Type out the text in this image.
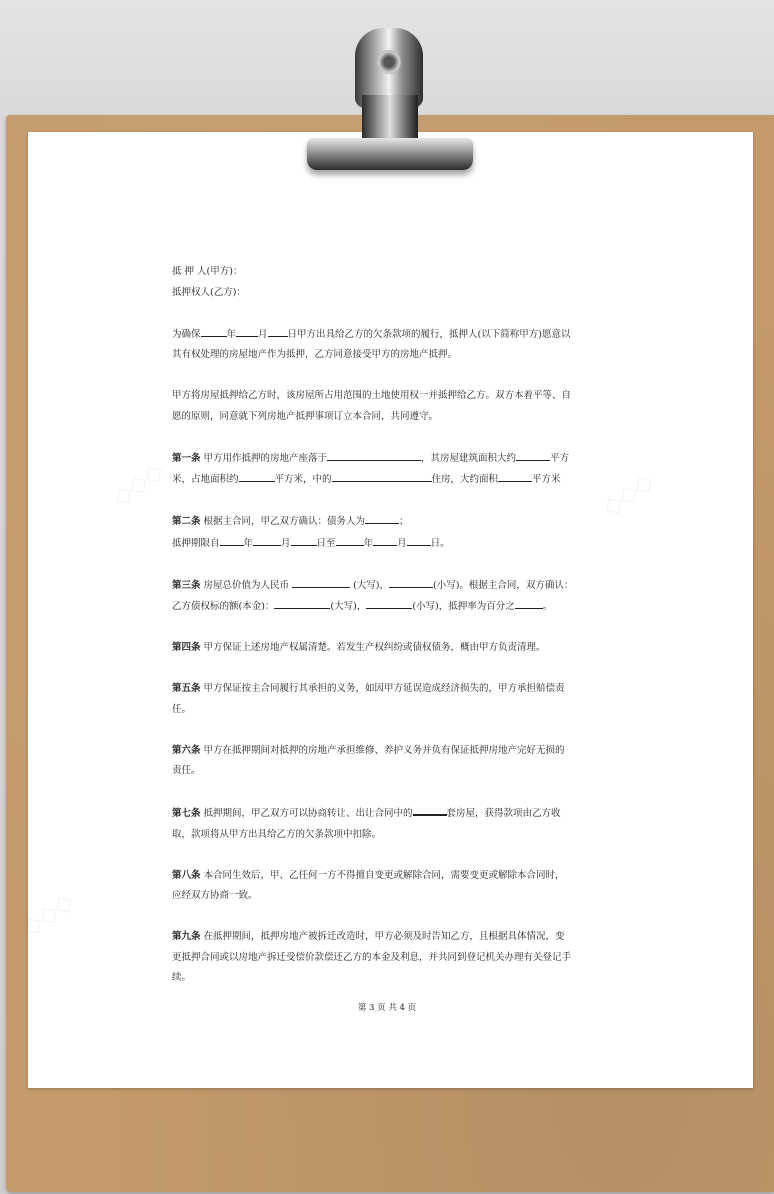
◇◇◇	◇◇◇
◇◇◇

抵 押 人(甲方)：

抵押权人(乙方)：

为确保	年 月 日甲方出具给乙方的欠条款项的履行，抵押人(以下简称甲方)愿意以
其有权处理的房屋地产作为抵押，乙方同意接受甲方的房地产抵押。

甲方将房屋抵押给乙方时，该房屋所占用范围的土地使用权一并抵押给乙方。双方本着平等、自
愿的原则，同意就下列房地产抵押事项订立本合同，共同遵守。

第一条 甲方用作抵押的房地产座落于	，其房屋建筑面积大约	平方
米，占地面积约	平方米，中的	住房，大约面积	平方米

第二条 根据主合同，甲乙双方确认：债务人为	；
抵押期限自	年	月	日至	年	月	日。

第三条 房屋总价值为人民币	(大写)，	(小写)。根据主合同，双方确认：
乙方债权标的额(本金)：	(大写)，	(小写)，抵押率为百分之	。

第四条 甲方保证上述房地产权属清楚。若发生产权纠纷或债权债务，概由甲方负责清理。

第五条 甲方保证按主合同履行其承担的义务，如因甲方延误造成经济损失的，甲方承担赔偿责
任。

第六条 甲方在抵押期间对抵押的房地产承担维修、养护义务并负有保证抵押房地产完好无损的
责任。

第七条 抵押期间，甲乙双方可以协商转让、出让合同中的	套房屋，获得款项由乙方收
取，款项将从甲方出具给乙方的欠条款项中扣除。

第八条 本合同生效后，甲、乙任何一方不得擅自变更或解除合同，需要变更或解除本合同时，
应经双方协商一致。

第九条 在抵押期间，抵押房地产被拆迁改造时，甲方必须及时告知乙方，且根据具体情况，变
更抵押合同或以房地产拆迁受偿价款偿还乙方的本金及利息，并共同到登记机关办理有关登记手
续。

第 3 页 共 4 页
